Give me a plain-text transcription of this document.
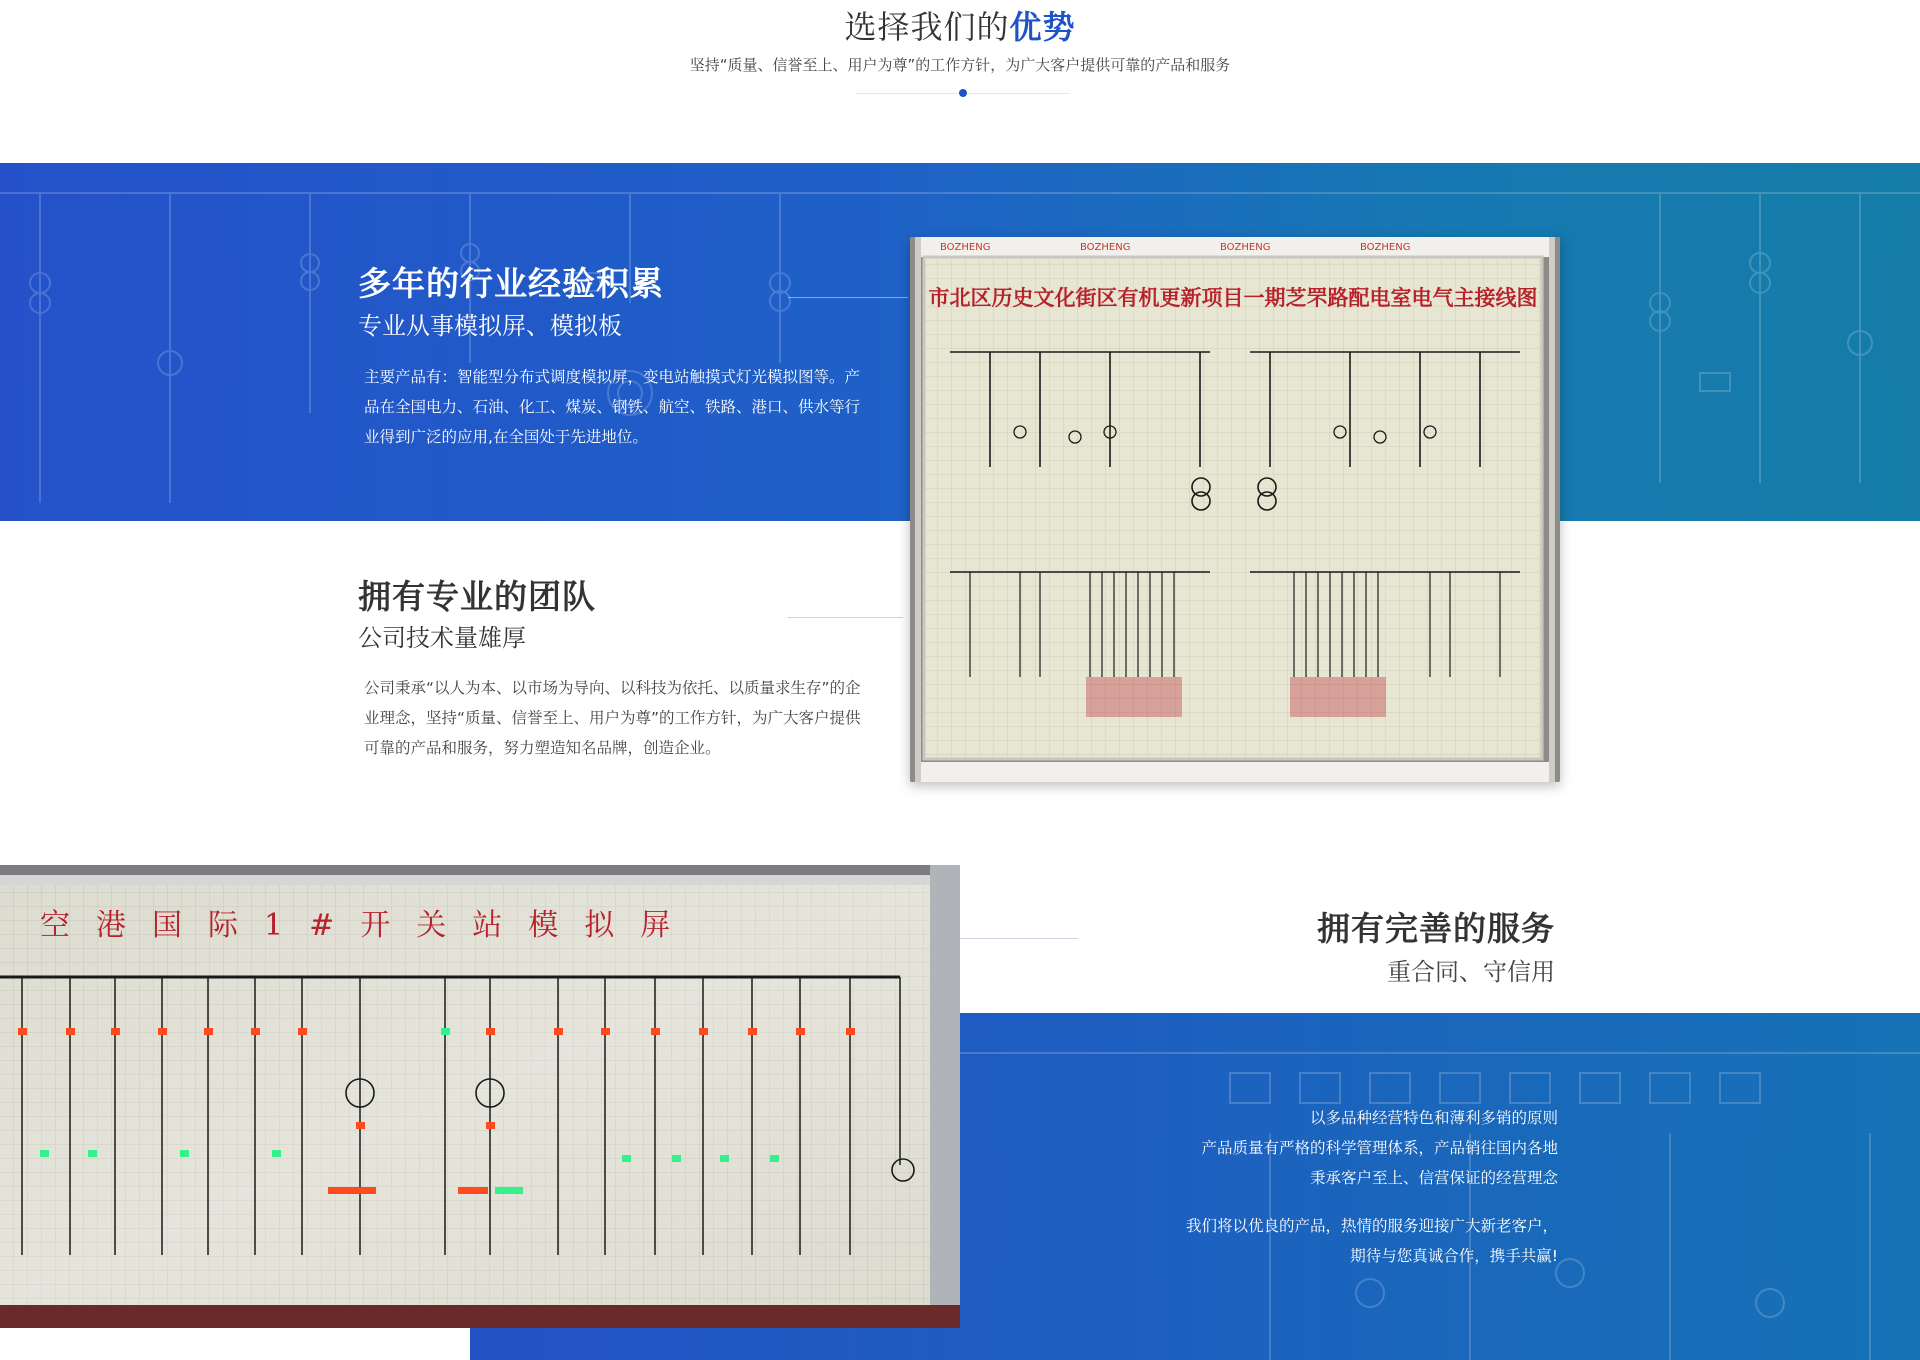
选择我们的优势
坚持“质量、信誉至上、用户为尊”的工作方针，为广大客户提供可靠的产品和服务
多年的行业经验积累
专业从事模拟屏、模拟板
主要产品有：智能型分布式调度模拟屏，变电站触摸式灯光模拟图等。产品在全国电力、石油、化工、煤炭、钢铁、航空、铁路、港口、供水等行业得到广泛的应用,在全国处于先进地位。
拥有专业的团队
公司技术量雄厚
公司秉承“以人为本、以市场为导向、以科技为依托、以质量求生存”的企业理念，坚持“质量、信誉至上、用户为尊”的工作方针，为广大客户提供可靠的产品和服务，努力塑造知名品牌，创造企业。
BOZHENG	BOZHENG	BOZHENG	BOZHENG
市北区历史文化街区有机更新项目一期芝罘路配电室电气主接线图
空港国际1#开关站模拟屏	拥有完善的服务
重合同、守信用

以多品种经营特色和薄利多销的原则

产品质量有严格的科学管理体系，产品销往国内各地

秉承客户至上、信营保证的经营理念

我们将以优良的产品，热情的服务迎接广大新老客户，

期待与您真诚合作，携手共赢!
